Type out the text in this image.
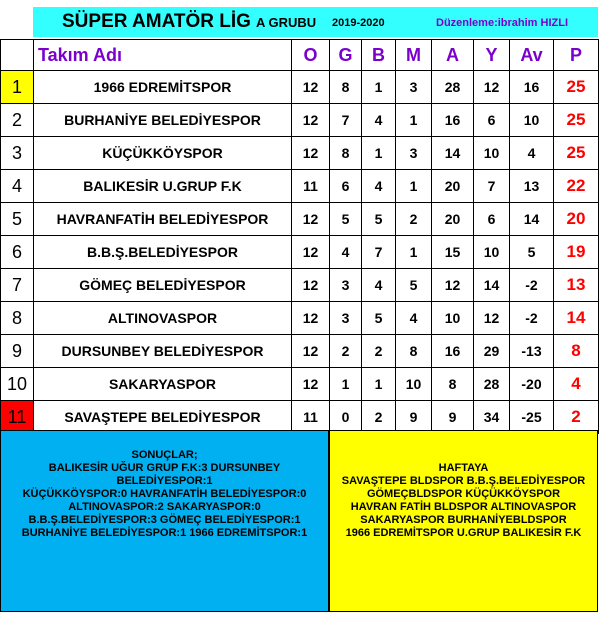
SÜPER AMATÖR LİG A GRUBU 2019-2020	Düzenleme:ibrahim HIZLI
	Takım Adı	O	G	B	M	A	Y	Av	P
1	1966 EDREMİTSPOR	12	8	1	3	28	12	16	25
2	BURHANİYE BELEDİYESPOR	12	7	4	1	16	6	10	25
3	KÜÇÜKKÖYSPOR	12	8	1	3	14	10	4	25
4	BALIKESİR U.GRUP F.K	11	6	4	1	20	7	13	22
5	HAVRANFATİH BELEDİYESPOR	12	5	5	2	20	6	14	20
6	B.B.Ş.BELEDİYESPOR	12	4	7	1	15	10	5	19
7	GÖMEÇ BELEDİYESPOR	12	3	4	5	12	14	-2	13
8	ALTINOVASPOR	12	3	5	4	10	12	-2	14
9	DURSUNBEY BELEDİYESPOR	12	2	2	8	16	29	-13	8
10	SAKARYASPOR	12	1	1	10	8	28	-20	4
11	SAVAŞTEPE BELEDİYESPOR	11	0	2	9	9	34	-25	2
SONUÇLAR;
BALIKESİR UĞUR GRUP F.K:3 DURSUNBEY
BELEDİYESPOR:1
KÜÇÜKKÖYSPOR:0 HAVRANFATİH BELEDİYESPOR:0
ALTINOVASPOR:2 SAKARYASPOR:0
B.B.Ş.BELEDİYESPOR:3 GÖMEÇ BELEDİYESPOR:1
BURHANİYE BELEDİYESPOR:1 1966 EDREMİTSPOR:1
HAFTAYA
SAVAŞTEPE BLDSPOR B.B.Ş.BELEDİYESPOR
GÖMEÇBLDSPOR KÜÇÜKKÖYSPOR
HAVRAN FATİH BLDSPOR ALTINOVASPOR
SAKARYASPOR BURHANİYEBLDSPOR
1966 EDREMİTSPOR U.GRUP BALIKESİR F.K
